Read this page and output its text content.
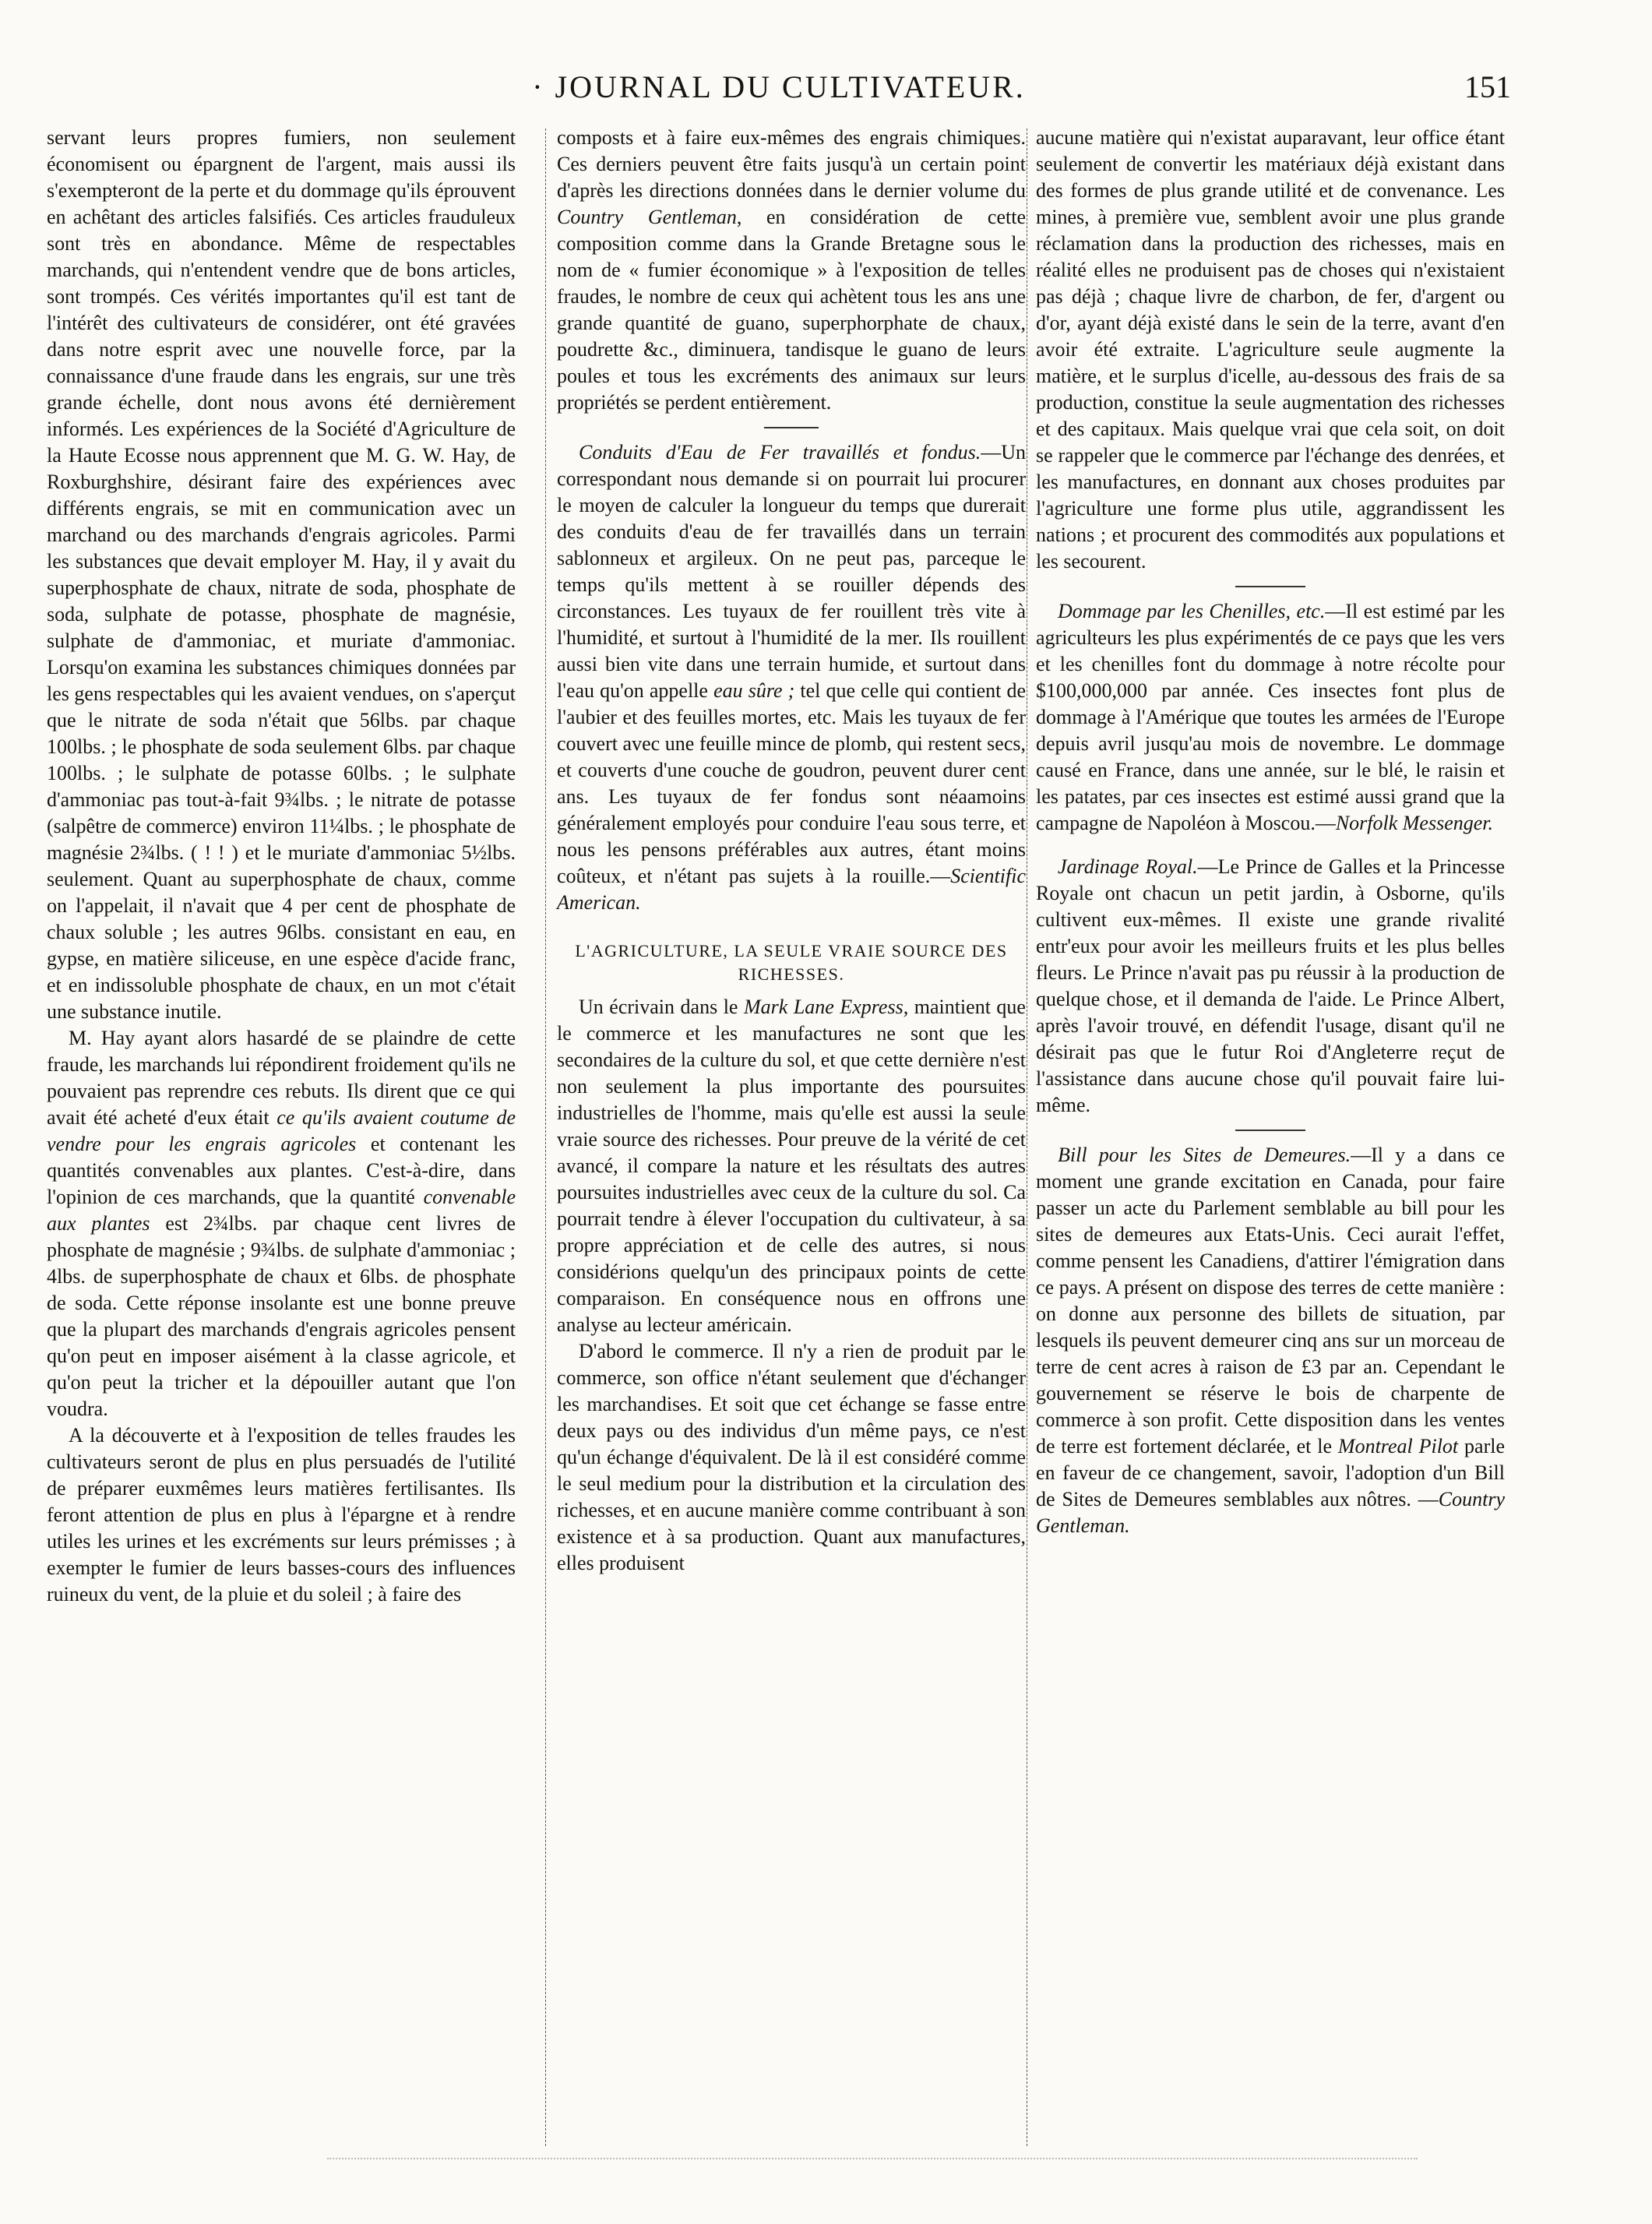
· JOURNAL DU CULTIVATEUR.	151

servant leurs propres fumiers, non seulement économisent ou épargnent de l'argent, mais aussi ils s'exempteront de la perte et du dommage qu'ils éprouvent en achêtant des articles falsifiés. Ces articles frauduleux sont très en abondance. Même de respectables marchands, qui n'entendent vendre que de bons articles, sont trompés. Ces vérités importantes qu'il est tant de l'intérêt des cultivateurs de considérer, ont été gravées dans notre esprit avec une nouvelle force, par la connaissance d'une fraude dans les engrais, sur une très grande échelle, dont nous avons été dernièrement informés. Les expériences de la Société d'Agriculture de la Haute Ecosse nous apprennent que M. G. W. Hay, de Roxburghshire, désirant faire des expériences avec différents engrais, se mit en communication avec un marchand ou des marchands d'engrais agricoles. Parmi les substances que devait employer M. Hay, il y avait du superphosphate de chaux, nitrate de soda, phosphate de soda, sulphate de potasse, phosphate de magnésie, sulphate de d'ammoniac, et muriate d'ammoniac. Lorsqu'on examina les substances chimiques données par les gens respectables qui les avaient vendues, on s'aperçut que le nitrate de soda n'était que 56lbs. par chaque 100lbs. ; le phosphate de soda seulement 6lbs. par chaque 100lbs. ; le sulphate de potasse 60lbs. ; le sulphate d'ammoniac pas tout-à-fait 9¾lbs. ; le nitrate de potasse (salpêtre de commerce) environ 11¼lbs. ; le phosphate de magnésie 2¾lbs. ( ! ! ) et le muriate d'ammoniac 5½lbs. seulement. Quant au superphosphate de chaux, comme on l'appelait, il n'avait que 4 per cent de phosphate de chaux soluble ; les autres 96lbs. consistant en eau, en gypse, en matière siliceuse, en une espèce d'acide franc, et en indissoluble phosphate de chaux, en un mot c'était une substance inutile.

M. Hay ayant alors hasardé de se plaindre de cette fraude, les marchands lui répondirent froidement qu'ils ne pouvaient pas reprendre ces rebuts. Ils dirent que ce qui avait été acheté d'eux était ce qu'ils avaient coutume de vendre pour les engrais agricoles et contenant les quantités convenables aux plantes. C'est-à-dire, dans l'opinion de ces marchands, que la quantité convenable aux plantes est 2¾lbs. par chaque cent livres de phosphate de magnésie ; 9¾lbs. de sulphate d'ammoniac ; 4lbs. de superphosphate de chaux et 6lbs. de phosphate de soda. Cette réponse insolante est une bonne preuve que la plupart des marchands d'engrais agricoles pensent qu'on peut en imposer aisément à la classe agricole, et qu'on peut la tricher et la dépouiller autant que l'on voudra.

A la découverte et à l'exposition de telles fraudes les cultivateurs seront de plus en plus persuadés de l'utilité de préparer euxmêmes leurs matières fertilisantes. Ils feront attention de plus en plus à l'épargne et à rendre utiles les urines et les excréments sur leurs prémisses ; à exempter le fumier de leurs basses-cours des influences ruineux du vent, de la pluie et du soleil ; à faire des

composts et à faire eux-mêmes des engrais chimiques. Ces derniers peuvent être faits jusqu'à un certain point d'après les directions données dans le dernier volume du Country Gentleman, en considération de cette composition comme dans la Grande Bretagne sous le nom de « fumier économique » à l'exposition de telles fraudes, le nombre de ceux qui achètent tous les ans une grande quantité de guano, superphorphate de chaux, poudrette &c., diminuera, tandisque le guano de leurs poules et tous les excréments des animaux sur leurs propriétés se perdent entièrement.

Conduits d'Eau de Fer travaillés et fondus.—Un correspondant nous demande si on pourrait lui procurer le moyen de calculer la longueur du temps que durerait des conduits d'eau de fer travaillés dans un terrain sablonneux et argileux. On ne peut pas, parceque le temps qu'ils mettent à se rouiller dépends des circonstances. Les tuyaux de fer rouillent très vite à l'humidité, et surtout à l'humidité de la mer. Ils rouillent aussi bien vite dans une terrain humide, et surtout dans l'eau qu'on appelle eau sûre ; tel que celle qui contient de l'aubier et des feuilles mortes, etc. Mais les tuyaux de fer couvert avec une feuille mince de plomb, qui restent secs, et couverts d'une couche de goudron, peuvent durer cent ans. Les tuyaux de fer fondus sont néaamoins généralement employés pour conduire l'eau sous terre, et nous les pensons préférables aux autres, étant moins coûteux, et n'étant pas sujets à la rouille.—Scientific American.

L'AGRICULTURE, LA SEULE VRAIE SOURCE DES RICHESSES.

Un écrivain dans le Mark Lane Express, maintient que le commerce et les manufactures ne sont que les secondaires de la culture du sol, et que cette dernière n'est non seulement la plus importante des poursuites industrielles de l'homme, mais qu'elle est aussi la seule vraie source des richesses. Pour preuve de la vérité de cet avancé, il compare la nature et les résultats des autres poursuites industrielles avec ceux de la culture du sol. Ca pourrait tendre à élever l'occupation du cultivateur, à sa propre appréciation et de celle des autres, si nous considérions quelqu'un des principaux points de cette comparaison. En conséquence nous en offrons une analyse au lecteur américain.

D'abord le commerce. Il n'y a rien de produit par le commerce, son office n'étant seulement que d'échanger les marchandises. Et soit que cet échange se fasse entre deux pays ou des individus d'un même pays, ce n'est qu'un échange d'équivalent. De là il est considéré comme le seul medium pour la distribution et la circulation des richesses, et en aucune manière comme contribuant à son existence et à sa production. Quant aux manufactures, elles produisent

aucune matière qui n'existat auparavant, leur office étant seulement de convertir les matériaux déjà existant dans des formes de plus grande utilité et de convenance. Les mines, à première vue, semblent avoir une plus grande réclamation dans la production des richesses, mais en réalité elles ne produisent pas de choses qui n'existaient pas déjà ; chaque livre de charbon, de fer, d'argent ou d'or, ayant déjà existé dans le sein de la terre, avant d'en avoir été extraite. L'agriculture seule augmente la matière, et le surplus d'icelle, au-dessous des frais de sa production, constitue la seule augmentation des richesses et des capitaux. Mais quelque vrai que cela soit, on doit se rappeler que le commerce par l'échange des denrées, et les manufactures, en donnant aux choses produites par l'agriculture une forme plus utile, aggrandissent les nations ; et procurent des commodités aux populations et les secourent.

Dommage par les Chenilles, etc.—Il est estimé par les agriculteurs les plus expérimentés de ce pays que les vers et les chenilles font du dommage à notre récolte pour $100,000,000 par année. Ces insectes font plus de dommage à l'Amérique que toutes les armées de l'Europe depuis avril jusqu'au mois de novembre. Le dommage causé en France, dans une année, sur le blé, le raisin et les patates, par ces insectes est estimé aussi grand que la campagne de Napoléon à Moscou.—Norfolk Messenger.

Jardinage Royal.—Le Prince de Galles et la Princesse Royale ont chacun un petit jardin, à Osborne, qu'ils cultivent eux-mêmes. Il existe une grande rivalité entr'eux pour avoir les meilleurs fruits et les plus belles fleurs. Le Prince n'avait pas pu réussir à la production de quelque chose, et il demanda de l'aide. Le Prince Albert, après l'avoir trouvé, en défendit l'usage, disant qu'il ne désirait pas que le futur Roi d'Angleterre reçut de l'assistance dans aucune chose qu'il pouvait faire lui-même.

Bill pour les Sites de Demeures.—Il y a dans ce moment une grande excitation en Canada, pour faire passer un acte du Parlement semblable au bill pour les sites de demeures aux Etats-Unis. Ceci aurait l'effet, comme pensent les Canadiens, d'attirer l'émigration dans ce pays. A présent on dispose des terres de cette manière : on donne aux personne des billets de situation, par lesquels ils peuvent demeurer cinq ans sur un morceau de terre de cent acres à raison de £3 par an. Cependant le gouvernement se réserve le bois de charpente de commerce à son profit. Cette disposition dans les ventes de terre est fortement déclarée, et le Montreal Pilot parle en faveur de ce changement, savoir, l'adoption d'un Bill de Sites de Demeures semblables aux nôtres. —Country Gentleman.
